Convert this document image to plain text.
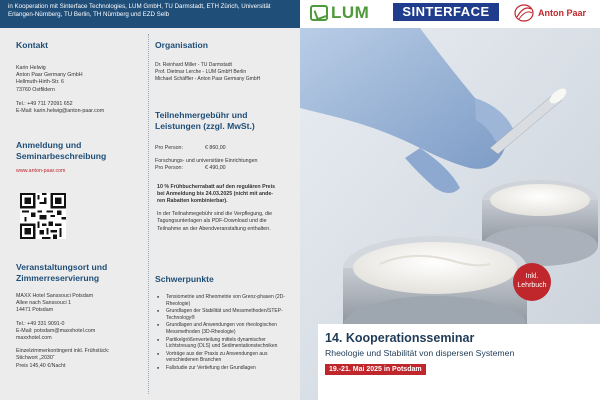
in Kooperation mit Sinterface Technologies, LUM GmbH, TU Darmstadt, ETH Zürich, Universität Erlangen-Nürnberg, TU Berlin, TH Nürnberg und EZD Selb	LUM	SINTERFACE	Anton Paar
Kontakt
Karin Helwig
Anton Paar Germany GmbH
Hellmuth-Hirth-Str. 6
73760 Ostfildern
Tel.: +49 711 72091 652
E-Mail: karin.helwig@anton-paar.com
Anmeldung und
Seminarbeschreibung
www.anton-paar.com
Veranstaltungsort und
Zimmerreservierung
MAXX Hotel Sanssouci Potsdam
Allee nach Sanssouci 1
14471 Potsdam
Tel.: +49 331 9091-0
E-Mail: potsdam@maxxhotel.com
maxxhotel.com
Einzelzimmerkontingent inkl. Frühstück:
Stichwort „2030“
Preis 145,40 €/Nacht
Organisation
Dr. Reinhard Miller - TU Darmstadt
Prof. Dietmar Lerche - LUM GmbH Berlin
Michael Schäffler - Anton Paar Germany GmbH
Teilnehmergebühr und
Leistungen (zzgl. MwSt.)
Pro Person:	€ 860,00
Forschungs- und universitäre Einrichtungen
Pro Person:	€ 490,00
10 % Frühbucherrabatt auf den regulären Preis
bei Anmeldung bis 24.03.2025 (nicht mit ande-
ren Rabatten kombinierbar).
In der Teilnahmegebühr sind die Verpflegung, die
Tagungsunterlagen als PDF-Download und die
Teilnahme an der Abendveranstaltung enthalten.
Schwerpunkte
■ Tensiometrie und Rheometrie von Grenz-phasen (2D-Rheologie)
■ Grundlagen der Stabilität und Messmethoden/STEP-Technology®
■ Grundlagen und Anwendungen von rheologischen Messmethoden (3D-Rheologie)
■ Partikelgrößenverteilung mittels dynamischer Lichtstreuung (DLS) und Sedimentationstechniken
■ Vorträge aus der Praxis zu Anwendungen aus verschiedenen Branchen
■ Fallstudie zur Vertiefung der Grundlagen
14. Kooperationsseminar
Rheologie und Stabilität von dispersen Systemen
19.-21. Mai 2025 in Potsdam
Inkl.
Lehrbuch
